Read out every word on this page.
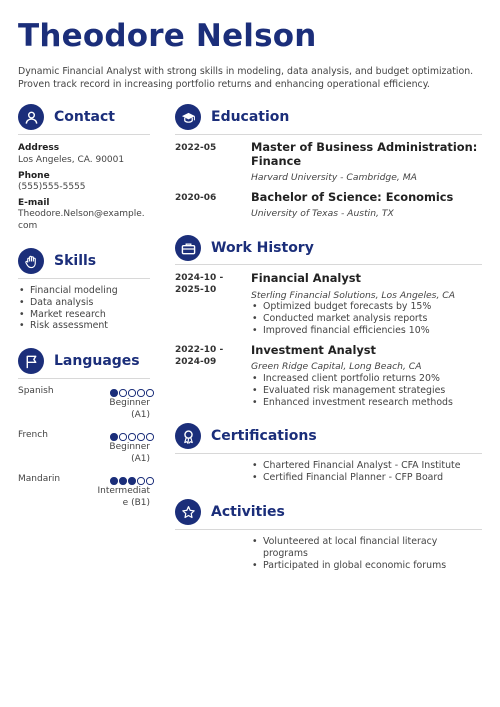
Theodore Nelson
Dynamic Financial Analyst with strong skills in modeling, data analysis, and budget optimization. Proven track record in increasing portfolio returns and enhancing operational efficiency.
Contact
Address
Los Angeles, CA. 90001
Phone
(555)555-5555
E-mail
Theodore.Nelson@example.
com
Skills
• Financial modeling
• Data analysis
• Market research
• Risk assessment
Languages
Spanish
Beginner
(A1)
French
Beginner
(A1)
Mandarin
Intermediat
e (B1)
Education
2022-05	Master of Business Administration:
Finance
Harvard University - Cambridge, MA
2020-06	Bachelor of Science: Economics
University of Texas - Austin, TX
Work History
2024-10 -
2025-10
Financial Analyst
Sterling Financial Solutions, Los Angeles, CA
• Optimized budget forecasts by 15%
• Conducted market analysis reports
• Improved financial efficiencies 10%
2022-10 -
2024-09
Investment Analyst
Green Ridge Capital, Long Beach, CA
• Increased client portfolio returns 20%
• Evaluated risk management strategies
• Enhanced investment research methods
Certifications
• Chartered Financial Analyst - CFA Institute
• Certified Financial Planner - CFP Board
Activities
• Volunteered at local financial literacy programs
• Participated in global economic forums
